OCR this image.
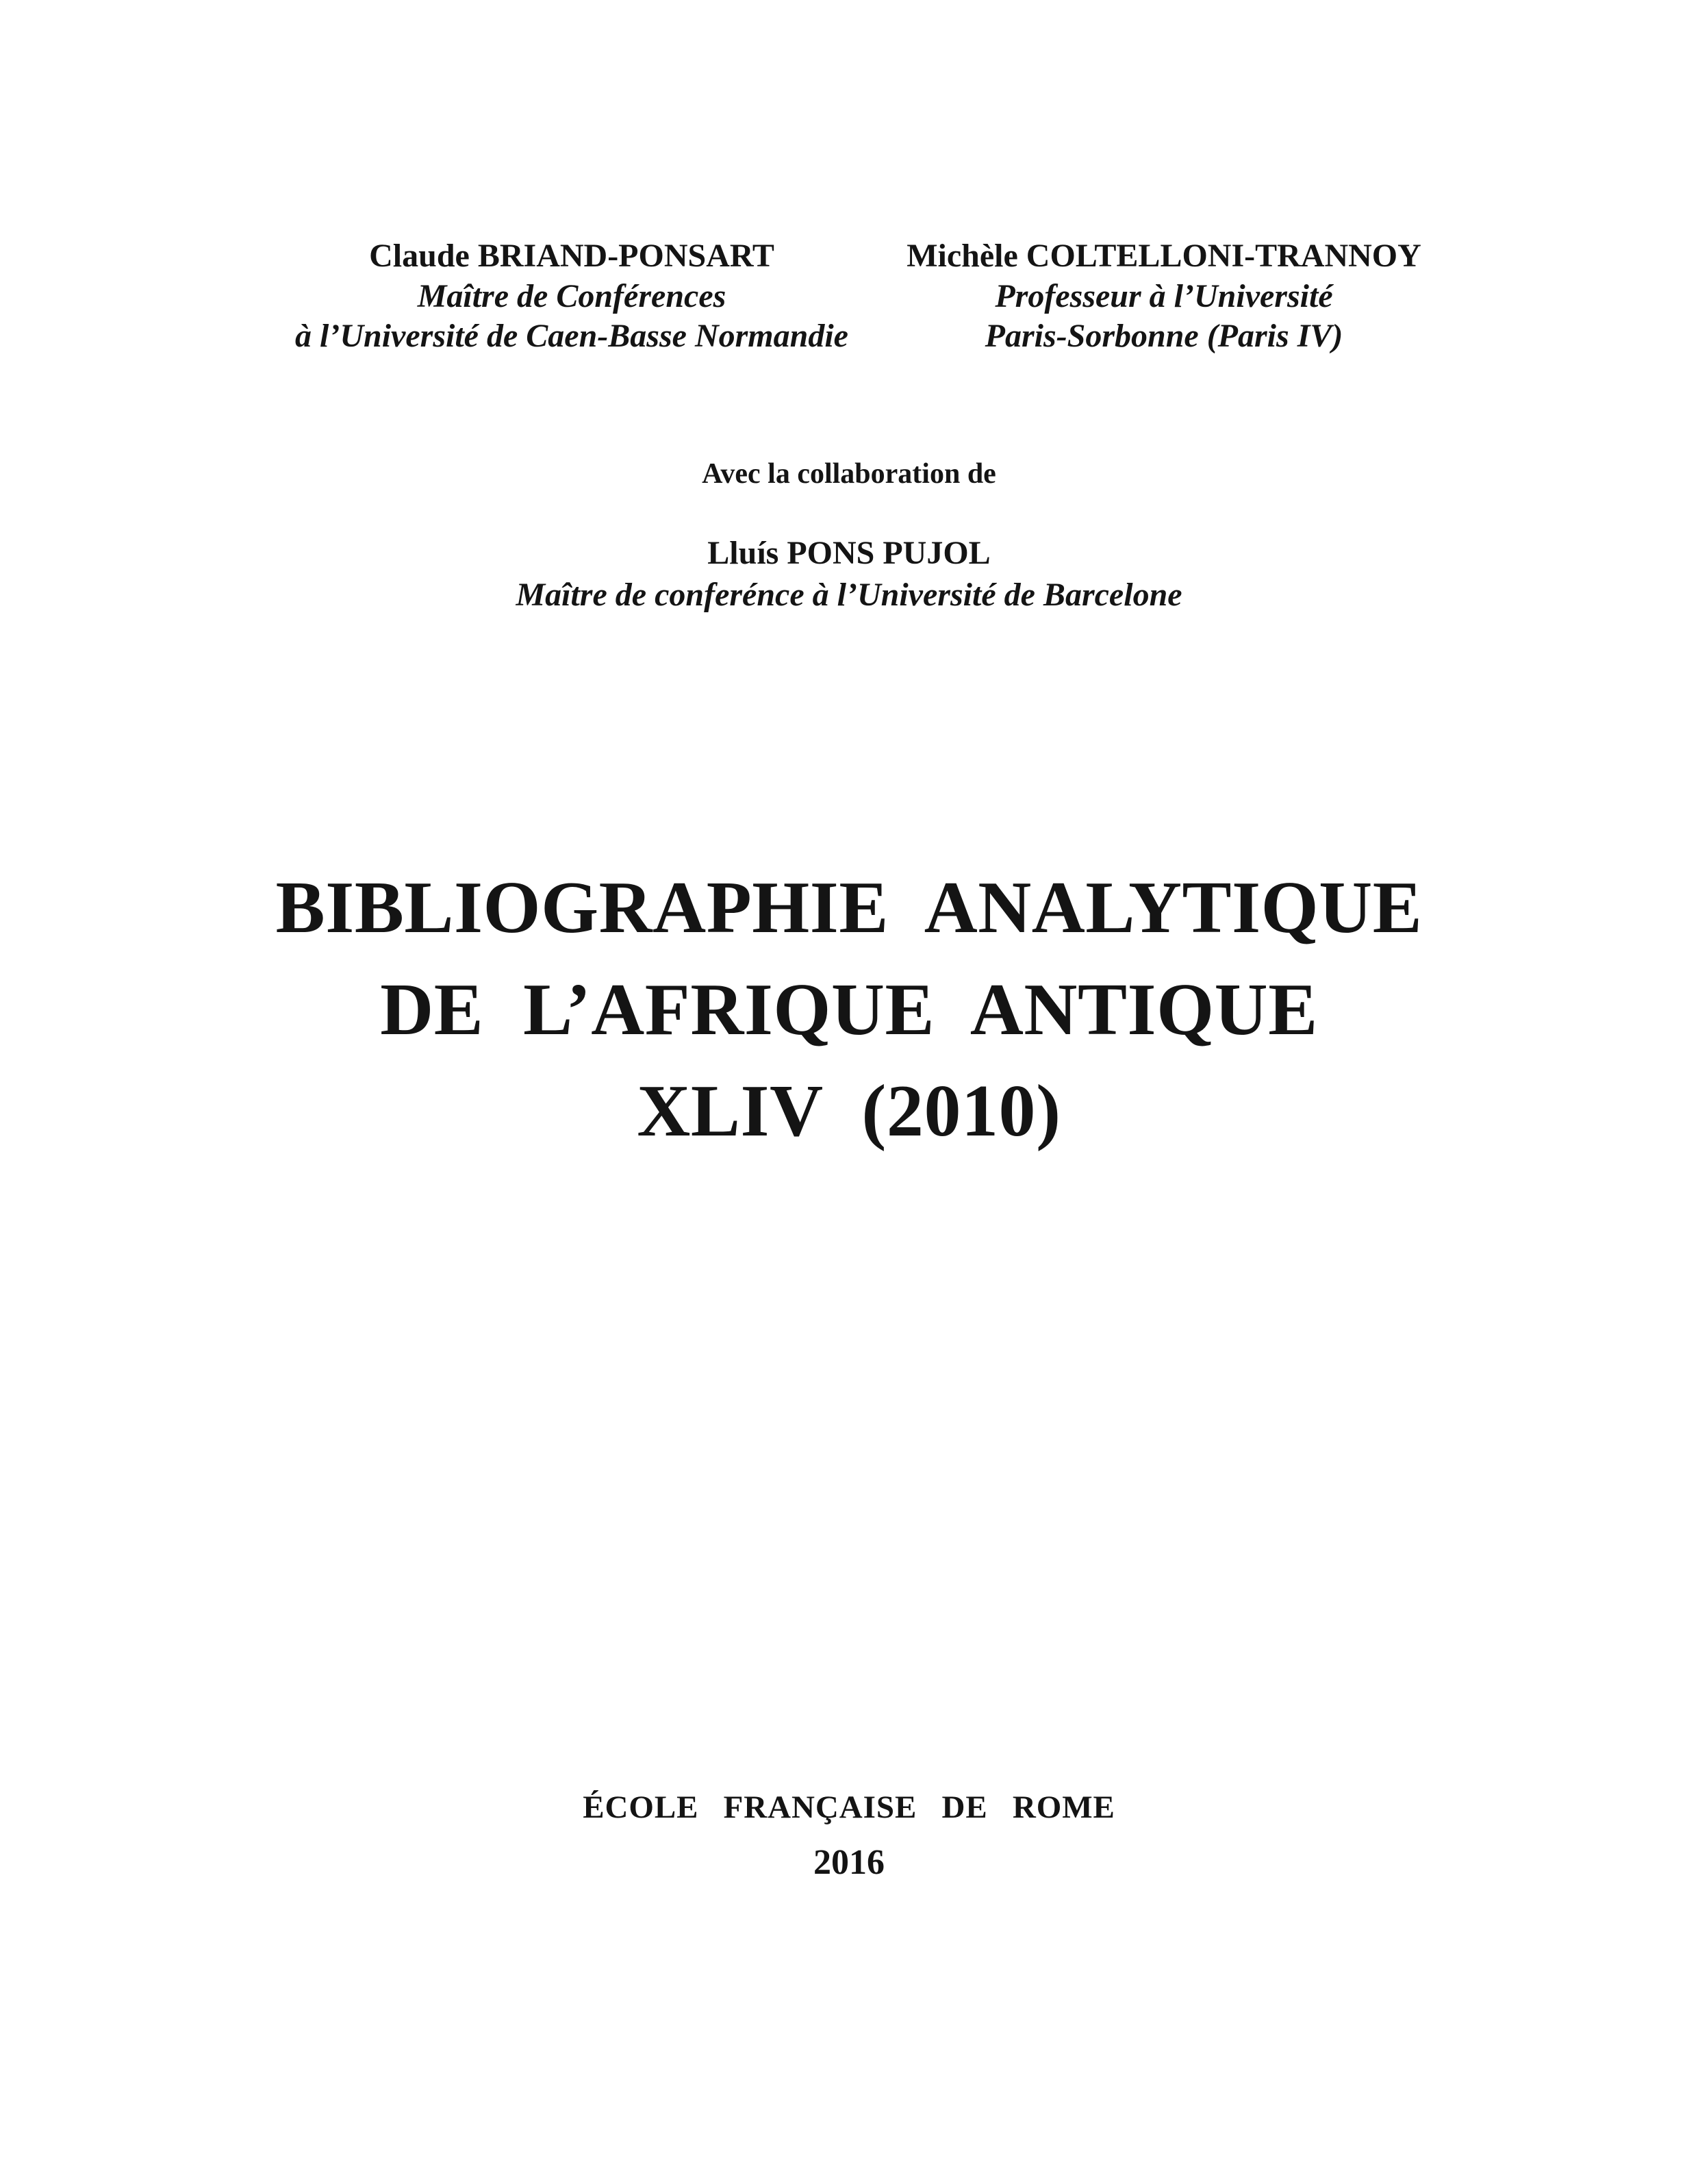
Claude BRIAND-PONSART
Maître de Conférences
à l’Université de Caen-Basse Normandie
Michèle COLTELLONI-TRANNOY
Professeur à l’Université
Paris-Sorbonne (Paris IV)
Avec la collaboration de
Lluís PONS PUJOL
Maître de conferénce à l’Université de Barcelone
BIBLIOGRAPHIE ANALYTIQUE
DE L’AFRIQUE ANTIQUE
XLIV (2010)
ÉCOLE FRANÇAISE DE ROME
2016
